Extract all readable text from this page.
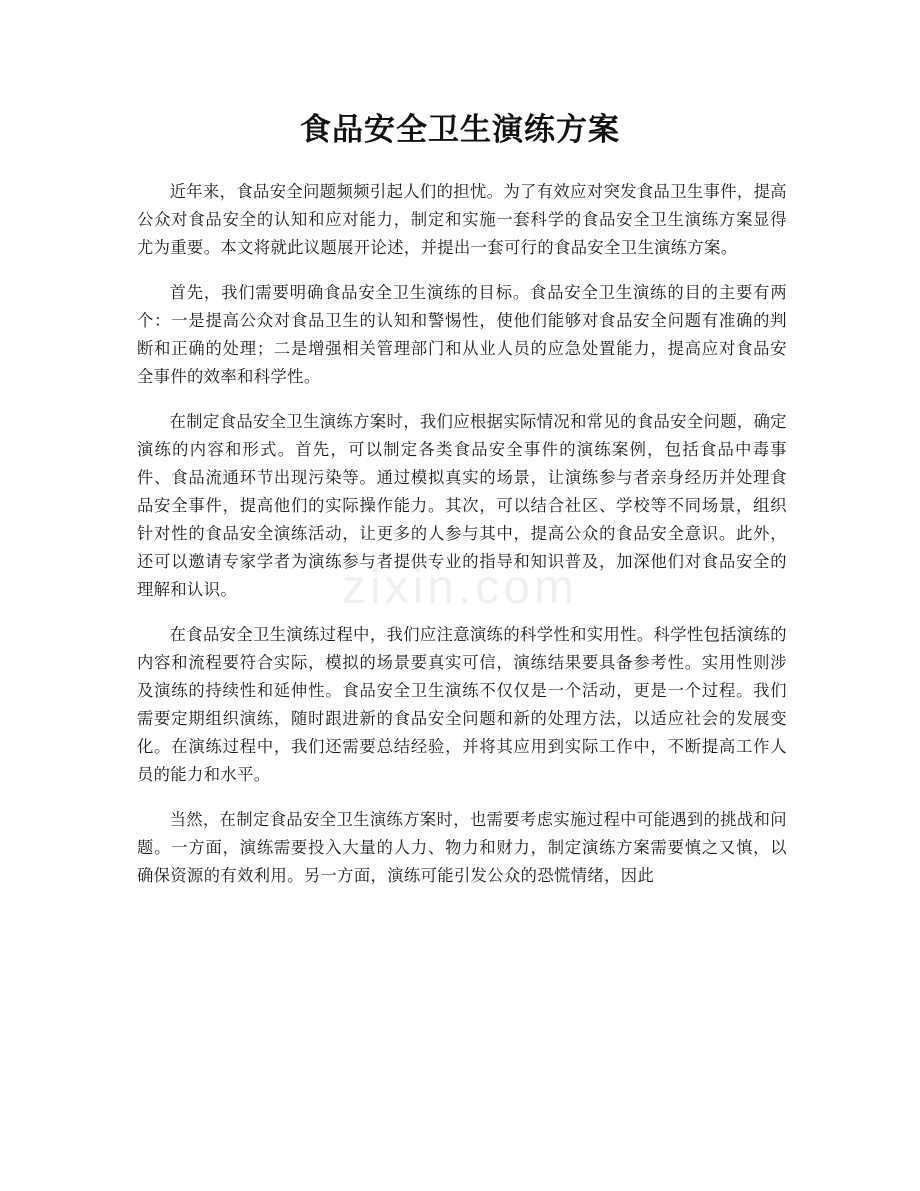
zixin.com
食品安全卫生演练方案

近年来，食品安全问题频频引起人们的担忧。为了有效应对突发食品卫生事件，提高公众对食品安全的认知和应对能力，制定和实施一套科学的食品安全卫生演练方案显得尤为重要。本文将就此议题展开论述，并提出一套可行的食品安全卫生演练方案。

首先，我们需要明确食品安全卫生演练的目标。食品安全卫生演练的目的主要有两个：一是提高公众对食品卫生的认知和警惕性，使他们能够对食品安全问题有准确的判断和正确的处理；二是增强相关管理部门和从业人员的应急处置能力，提高应对食品安全事件的效率和科学性。

在制定食品安全卫生演练方案时，我们应根据实际情况和常见的食品安全问题，确定演练的内容和形式。首先，可以制定各类食品安全事件的演练案例，包括食品中毒事件、食品流通环节出现污染等。通过模拟真实的场景，让演练参与者亲身经历并处理食品安全事件，提高他们的实际操作能力。其次，可以结合社区、学校等不同场景，组织针对性的食品安全演练活动，让更多的人参与其中，提高公众的食品安全意识。此外，还可以邀请专家学者为演练参与者提供专业的指导和知识普及，加深他们对食品安全的理解和认识。

在食品安全卫生演练过程中，我们应注意演练的科学性和实用性。科学性包括演练的内容和流程要符合实际，模拟的场景要真实可信，演练结果要具备参考性。实用性则涉及演练的持续性和延伸性。食品安全卫生演练不仅仅是一个活动，更是一个过程。我们需要定期组织演练，随时跟进新的食品安全问题和新的处理方法，以适应社会的发展变化。在演练过程中，我们还需要总结经验，并将其应用到实际工作中，不断提高工作人员的能力和水平。

当然，在制定食品安全卫生演练方案时，也需要考虑实施过程中可能遇到的挑战和问题。一方面，演练需要投入大量的人力、物力和财力，制定演练方案需要慎之又慎，以确保资源的有效利用。另一方面，演练可能引发公众的恐慌情绪，因此
